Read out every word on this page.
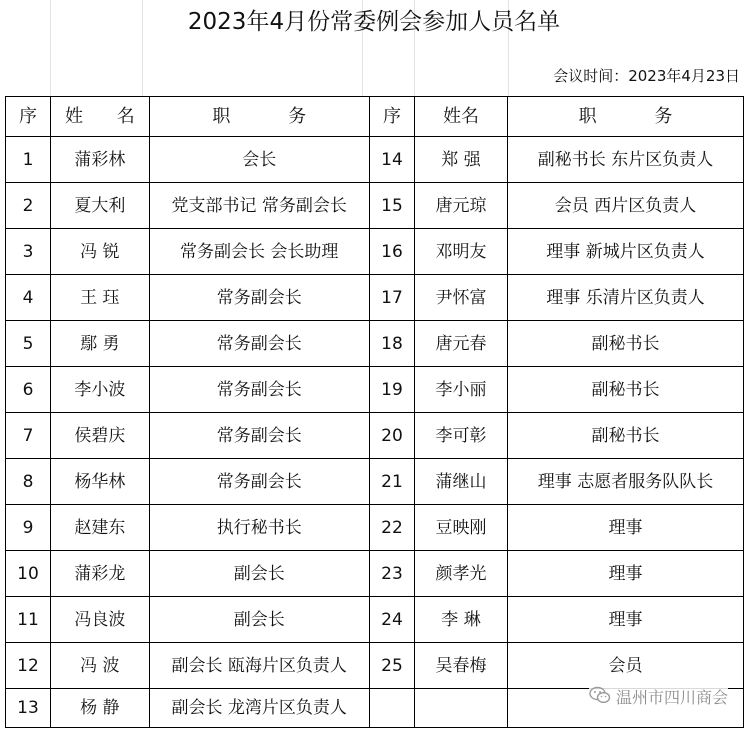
2023年4月份常委例会参加人员名单
会议时间：2023年4月23日
序	姓 名	职 务
1	蒲彩林	会长
2	夏大利	党支部书记 常务副会长
3	冯 锐	常务副会长 会长助理
4	王 珏	常务副会长
5	鄢 勇	常务副会长
6	李小波	常务副会长
7	侯碧庆	常务副会长
8	杨华林	常务副会长
9	赵建东	执行秘书长
10	蒲彩龙	副会长
11	冯良波	副会长
12	冯 波	副会长 瓯海片区负责人
13	杨 静	副会长 龙湾片区负责人
序	姓名	职 务
14	郑 强	副秘书长 东片区负责人
15	唐元琼	会员 西片区负责人
16	邓明友	理事 新城片区负责人
17	尹怀富	理事 乐清片区负责人
18	唐元春	副秘书长
19	李小丽	副秘书长
20	李可彰	副秘书长
21	蒲继山	理事 志愿者服务队队长
22	豆映刚	理事
23	颜孝光	理事
24	李 琳	理事
25	吴春梅	会员

温州市四川商会
